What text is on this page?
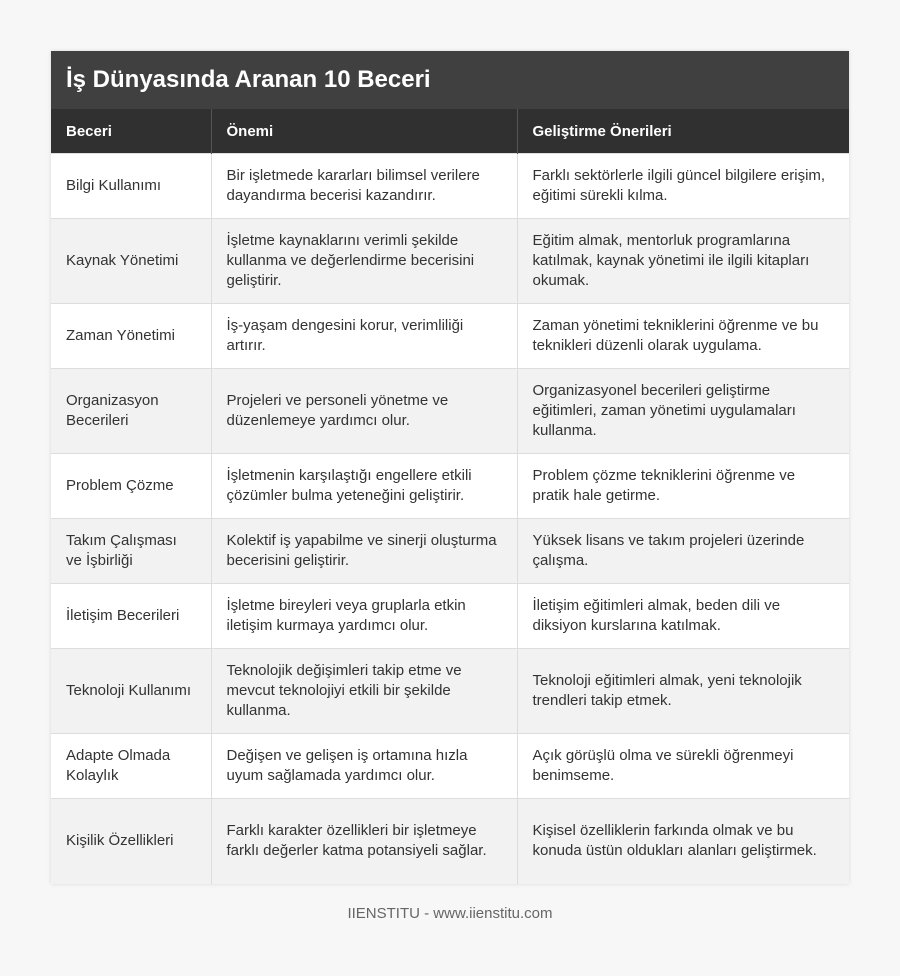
İş Dünyasında Aranan 10 Beceri
Beceri	Önemi	Geliştirme Önerileri
Bilgi Kullanımı	Bir işletmede kararları bilimsel verilere dayandırma becerisi kazandırır.	Farklı sektörlerle ilgili güncel bilgilere erişim, eğitimi sürekli kılma.
Kaynak Yönetimi	İşletme kaynaklarını verimli şekilde kullanma ve değerlendirme becerisini geliştirir.	Eğitim almak, mentorluk programlarına katılmak, kaynak yönetimi ile ilgili kitapları okumak.
Zaman Yönetimi	İş-yaşam dengesini korur, verimliliği artırır.	Zaman yönetimi tekniklerini öğrenme ve bu teknikleri düzenli olarak uygulama.
Organizasyon Becerileri	Projeleri ve personeli yönetme ve düzenlemeye yardımcı olur.	Organizasyonel becerileri geliştirme eğitimleri, zaman yönetimi uygulamaları kullanma.
Problem Çözme	İşletmenin karşılaştığı engellere etkili çözümler bulma yeteneğini geliştirir.	Problem çözme tekniklerini öğrenme ve pratik hale getirme.
Takım Çalışması ve İşbirliği	Kolektif iş yapabilme ve sinerji oluşturma becerisini geliştirir.	Yüksek lisans ve takım projeleri üzerinde çalışma.
İletişim Becerileri	İşletme bireyleri veya gruplarla etkin iletişim kurmaya yardımcı olur.	İletişim eğitimleri almak, beden dili ve diksiyon kurslarına katılmak.
Teknoloji Kullanımı	Teknolojik değişimleri takip etme ve mevcut teknolojiyi etkili bir şekilde kullanma.	Teknoloji eğitimleri almak, yeni teknolojik trendleri takip etmek.
Adapte Olmada Kolaylık	Değişen ve gelişen iş ortamına hızla uyum sağlamada yardımcı olur.	Açık görüşlü olma ve sürekli öğrenmeyi benimseme.
Kişilik Özellikleri	Farklı karakter özellikleri bir işletmeye farklı değerler katma potansiyeli sağlar.	Kişisel özelliklerin farkında olmak ve bu konuda üstün oldukları alanları geliştirmek.
IIENSTITU - www.iienstitu.com
